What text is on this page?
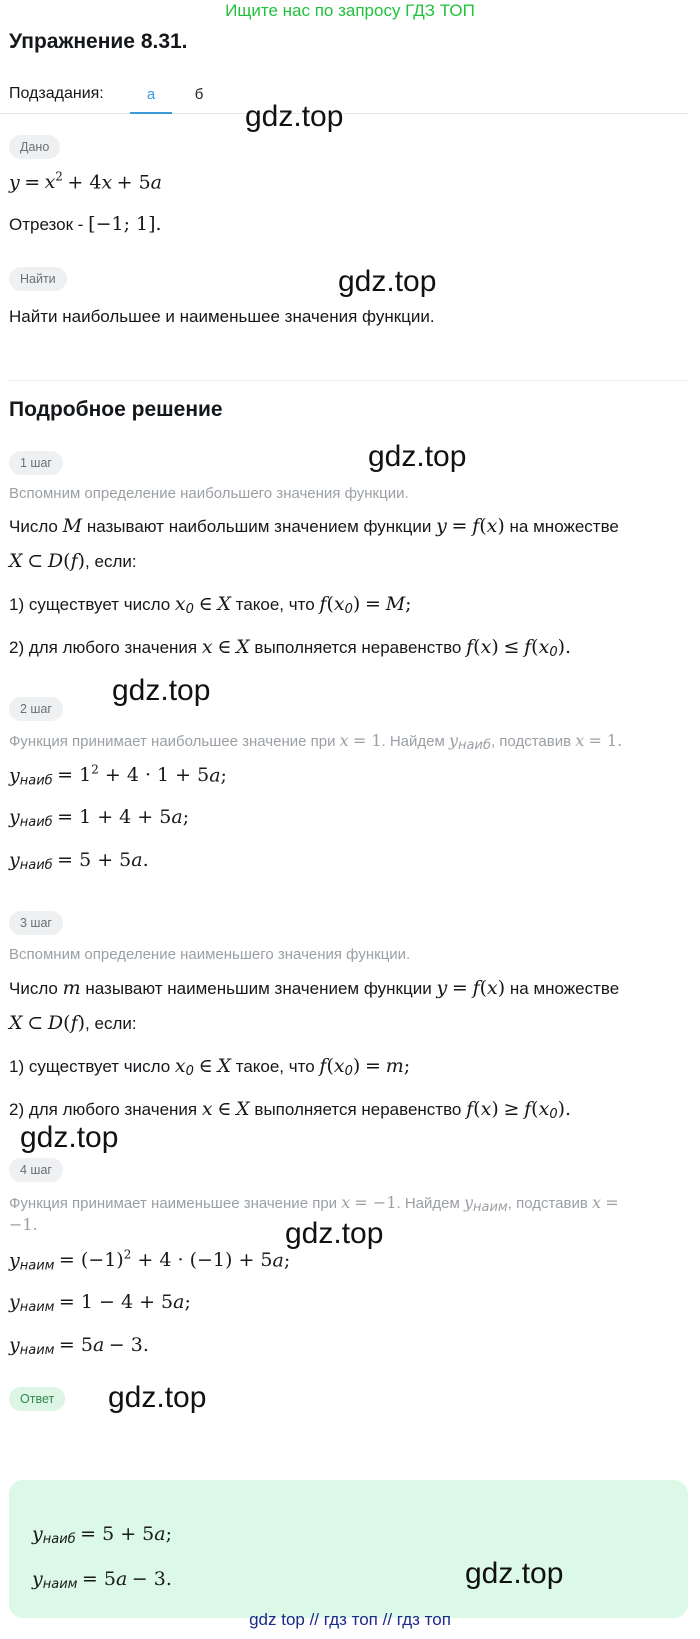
Ищите нас по запросу ГДЗ ТОП
Упражнение 8.31.
Подзадания:	а	б
Дано
$y = x^2 + 4x + 5a$
Отрезок - [−1; 1].
Найти
Найти наибольшее и наименьшее значения функции.
Подробное решение
1 шаг
Вспомним определение наибольшего значения функции.
Число M называют наибольшим значением функции y = f(x) на множестве
X ⊂ D(f), если:
1) существует число $x_0$ ∈ X такое, что $f(x_0) = M$;
2) для любого значения x ∈ X выполняется неравенство $f(x) \le f(x_0)$.
2 шаг
Функция принимает наибольшее значение при x = 1. Найдем yнаиб, подставив x = 1.
$y_{наиб} = 1^2 + 4 \cdot 1 + 5a$;
$y_{наиб} = 1 + 4 + 5a$;
$y_{наиб} = 5 + 5a$.
3 шаг
Вспомним определение наименьшего значения функции.
Число m называют наименьшим значением функции y = f(x) на множестве
X ⊂ D(f), если:
1) существует число $x_0$ ∈ X такое, что $f(x_0) = m$;
2) для любого значения x ∈ X выполняется неравенство $f(x) \ge f(x_0)$.
4 шаг
Функция принимает наименьшее значение при x = −1. Найдем yнаим, подставив x =
−1.
$y_{наим} = (-1)^2 + 4 \cdot (-1) + 5a$;
$y_{наим} = 1 - 4 + 5a$;
$y_{наим} = 5a - 3$.
Ответ
$y_{наиб} = 5 + 5a$;
$y_{наим} = 5a - 3$.
gdz.top
gdz.top
gdz.top
gdz.top
gdz.top
gdz.top
gdz.top
gdz.top
gdz top // гдз топ // гдз топ
